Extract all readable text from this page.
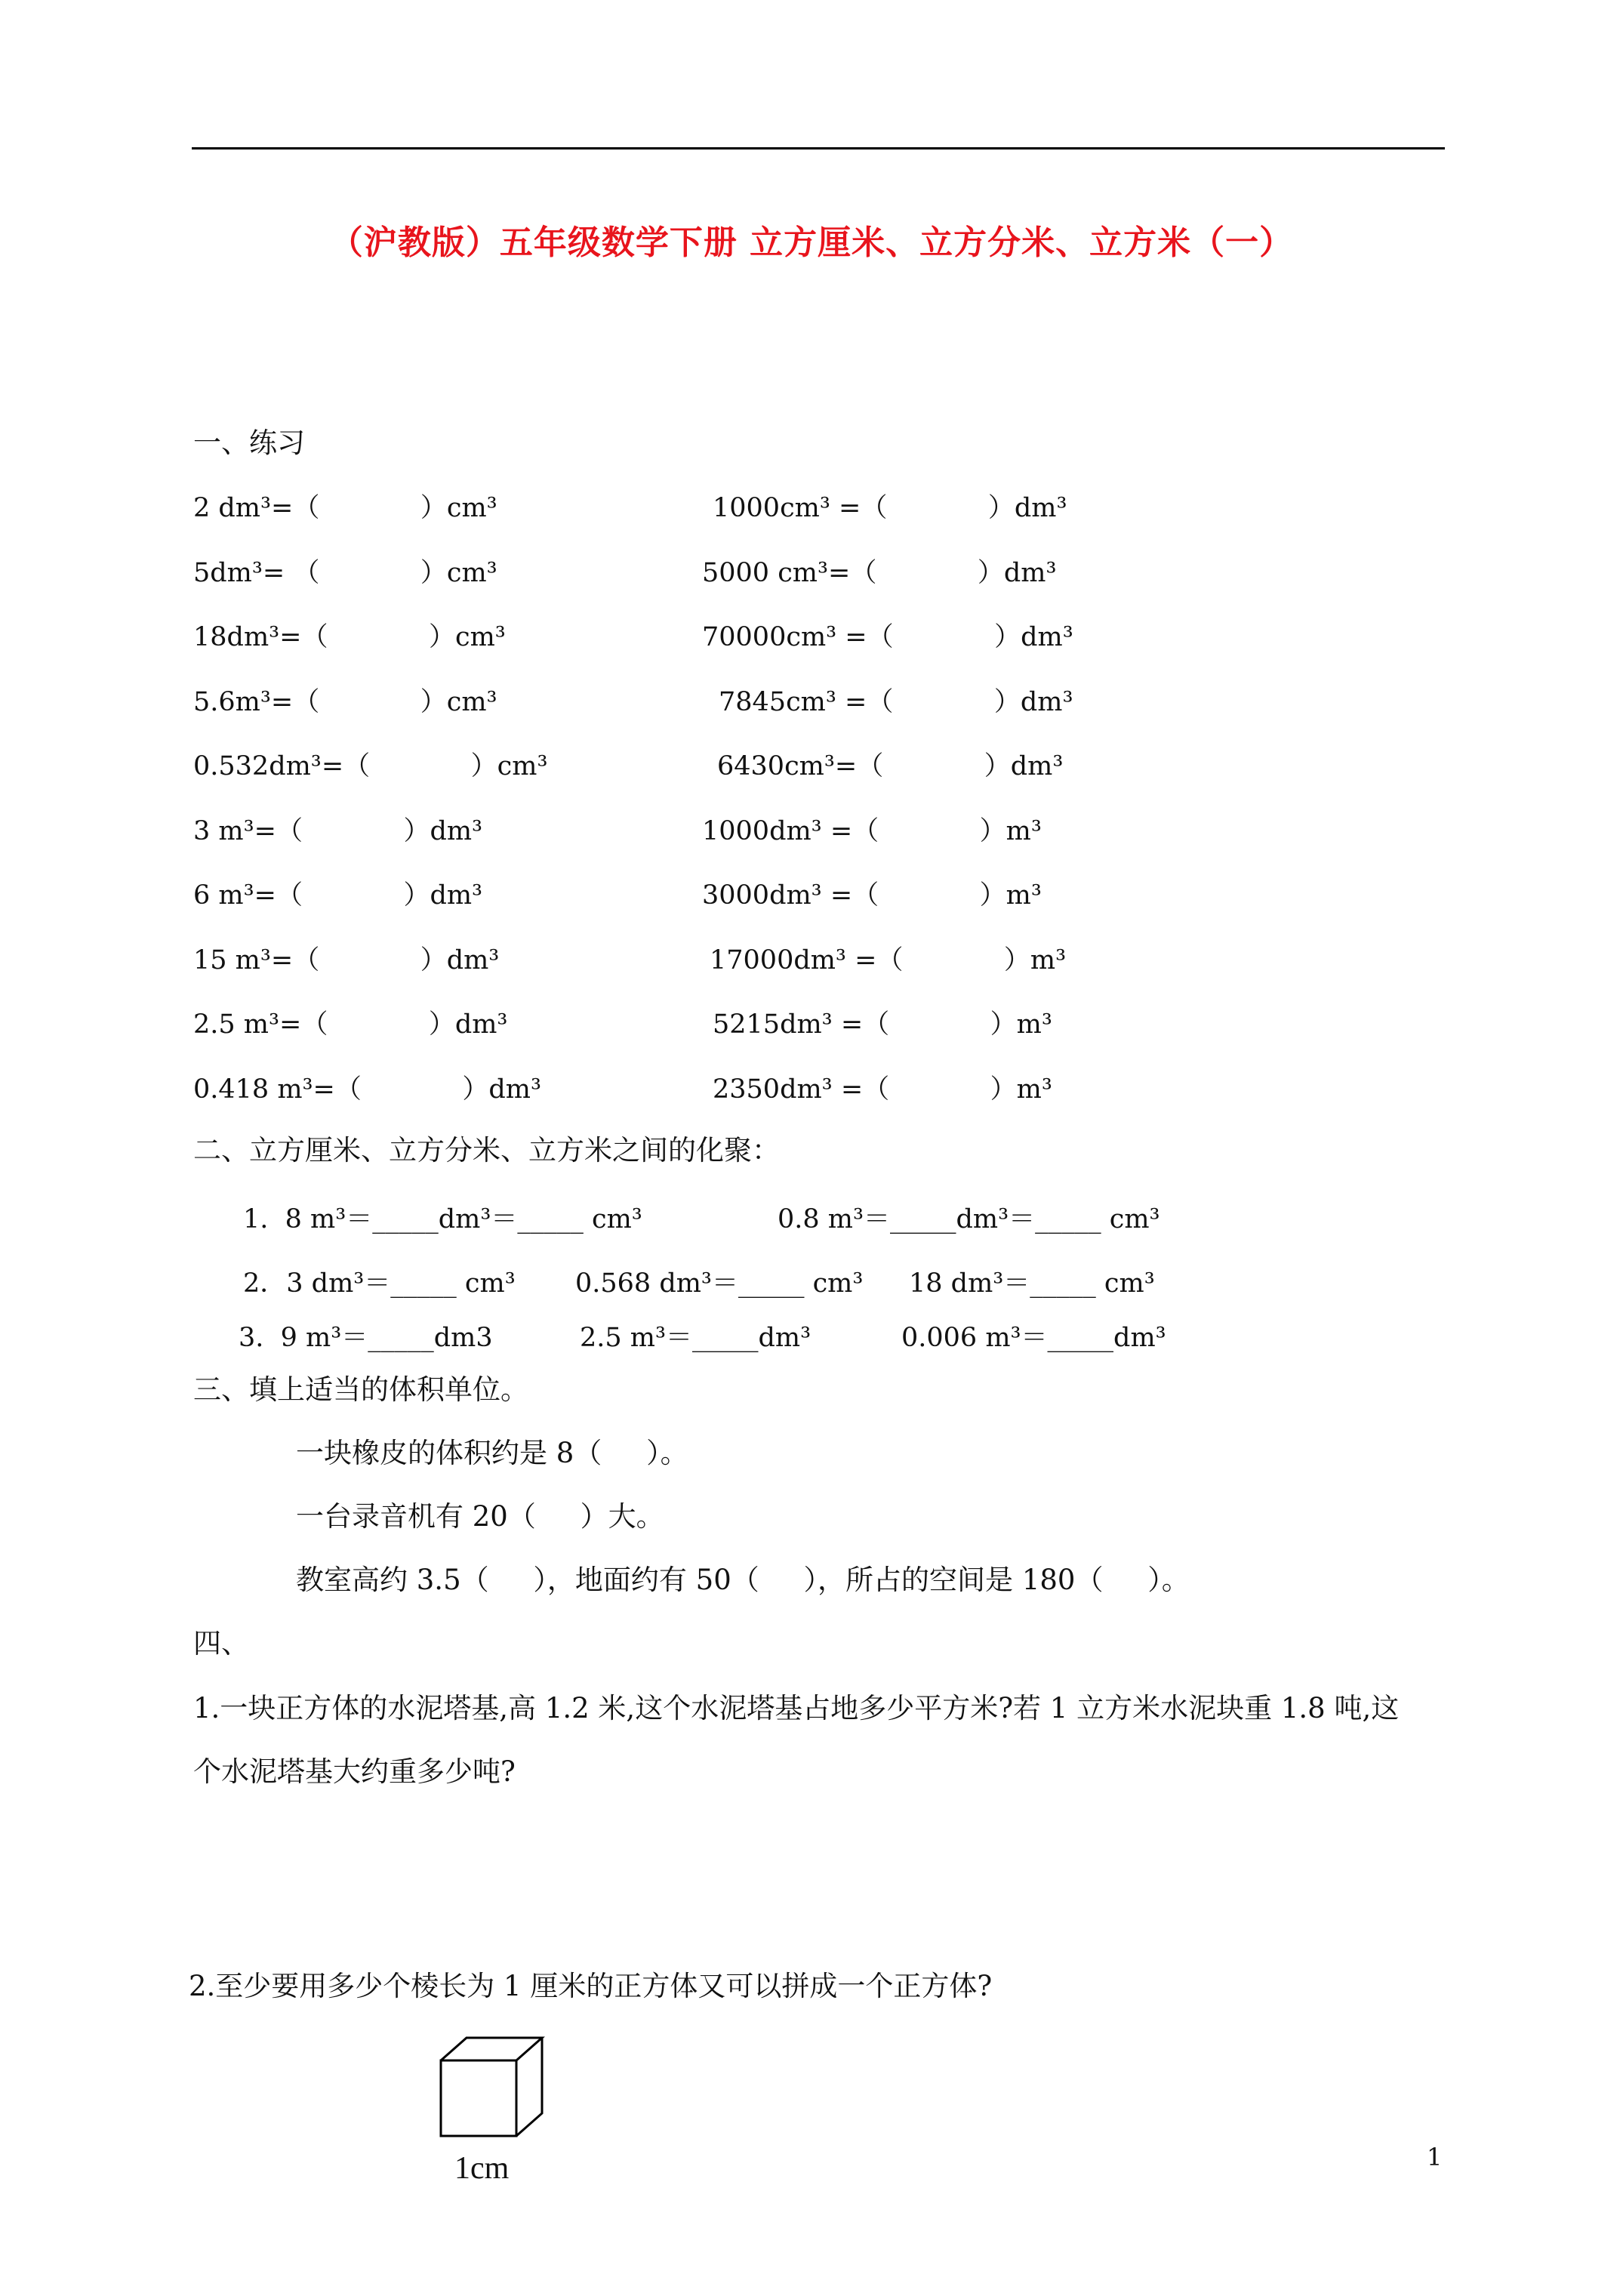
（沪教版）五年级数学下册 立方厘米、立方分米、立方米（一）
一、练习
2 dm³=（            ）cm³	1000cm³ =（            ）dm³
5dm³= （            ）cm³	5000 cm³=（            ）dm³
18dm³=（            ）cm³	70000cm³ =（            ）dm³
5.6m³=（            ）cm³	7845cm³ =（            ）dm³
0.532dm³=（            ）cm³	6430cm³=（            ）dm³
3 m³=（            ）dm³	1000dm³ =（            ）m³
6 m³=（            ）dm³	3000dm³ =（            ）m³
15 m³=（            ）dm³	17000dm³ =（            ）m³
2.5 m³=（            ）dm³	5215dm³ =（            ）m³
0.418 m³=（            ）dm³	2350dm³ =（            ）m³
二、立方厘米、立方分米、立方米之间的化聚：
1.  8 m³＝_____dm³＝_____ cm³	0.8 m³＝_____dm³＝_____ cm³
2．3 dm³＝_____ cm³ 0.568 dm³＝_____ cm³ 18 dm³＝_____ cm³
3.  9 m³＝_____dm3	2.5 m³＝_____dm³	0.006 m³＝_____dm³
三、填上适当的体积单位。
一块橡皮的体积约是 8（     ）。
一台录音机有 20（     ）大。
教室高约 3.5（     ），地面约有 50（     ），所占的空间是 180（     ）。
四、
1.一块正方体的水泥塔基,高 1.2 米,这个水泥塔基占地多少平方米?若 1 立方米水泥块重 1.8 吨,这
个水泥塔基大约重多少吨?
2.至少要用多少个棱长为 1 厘米的正方体又可以拼成一个正方体?
1cm	1
